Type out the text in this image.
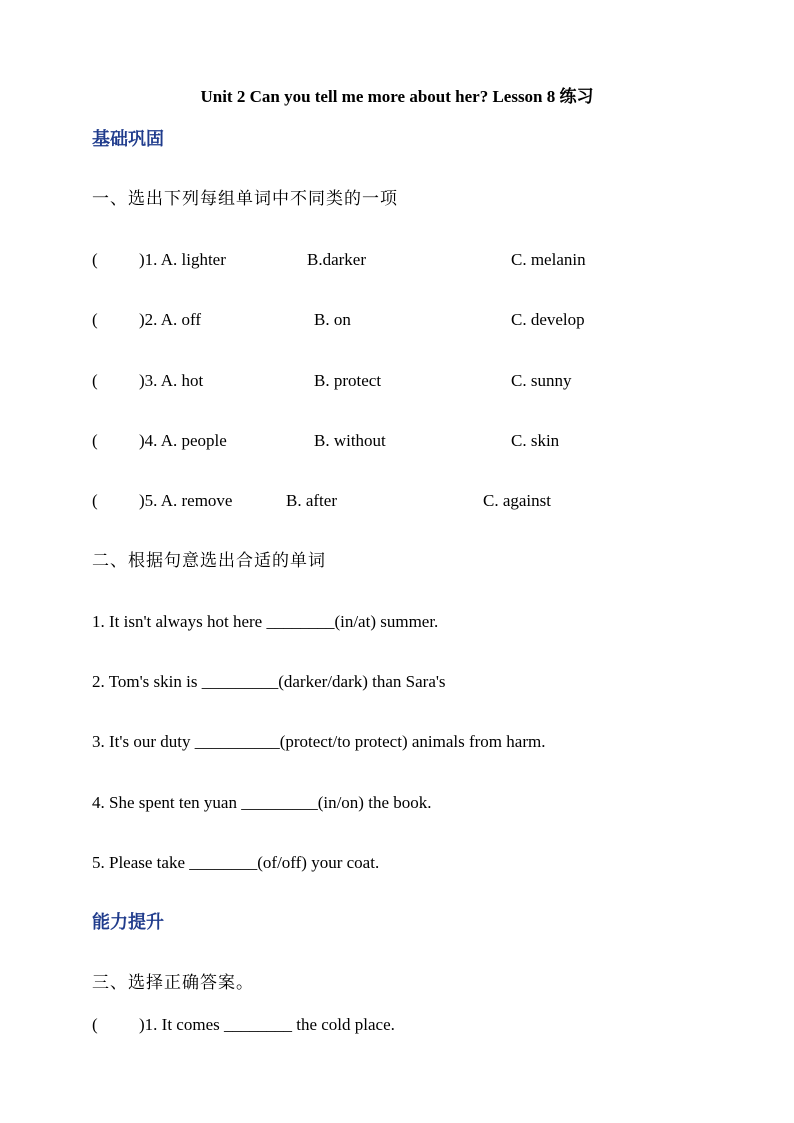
Unit 2 Can you tell me more about her? Lesson 8 练习
基础巩固
一、选出下列每组单词中不同类的一项
( )1. A. lighter	B.darker	C. melanin
( )2. A. off	B. on	C. develop
( )3. A. hot	B. protect	C. sunny
( )4. A. people	B. without	C. skin
( )5. A. remove	B. after	C. against
二、根据句意选出合适的单词
1. It isn't always hot here ________(in/at) summer.
2. Tom's skin is _________(darker/dark) than Sara's
3. It's our duty __________(protect/to protect) animals from harm.
4. She spent ten yuan _________(in/on) the book.
5. Please take ________(of/off) your coat.
能力提升
三、选择正确答案。
( )1. It comes ________ the cold place.
